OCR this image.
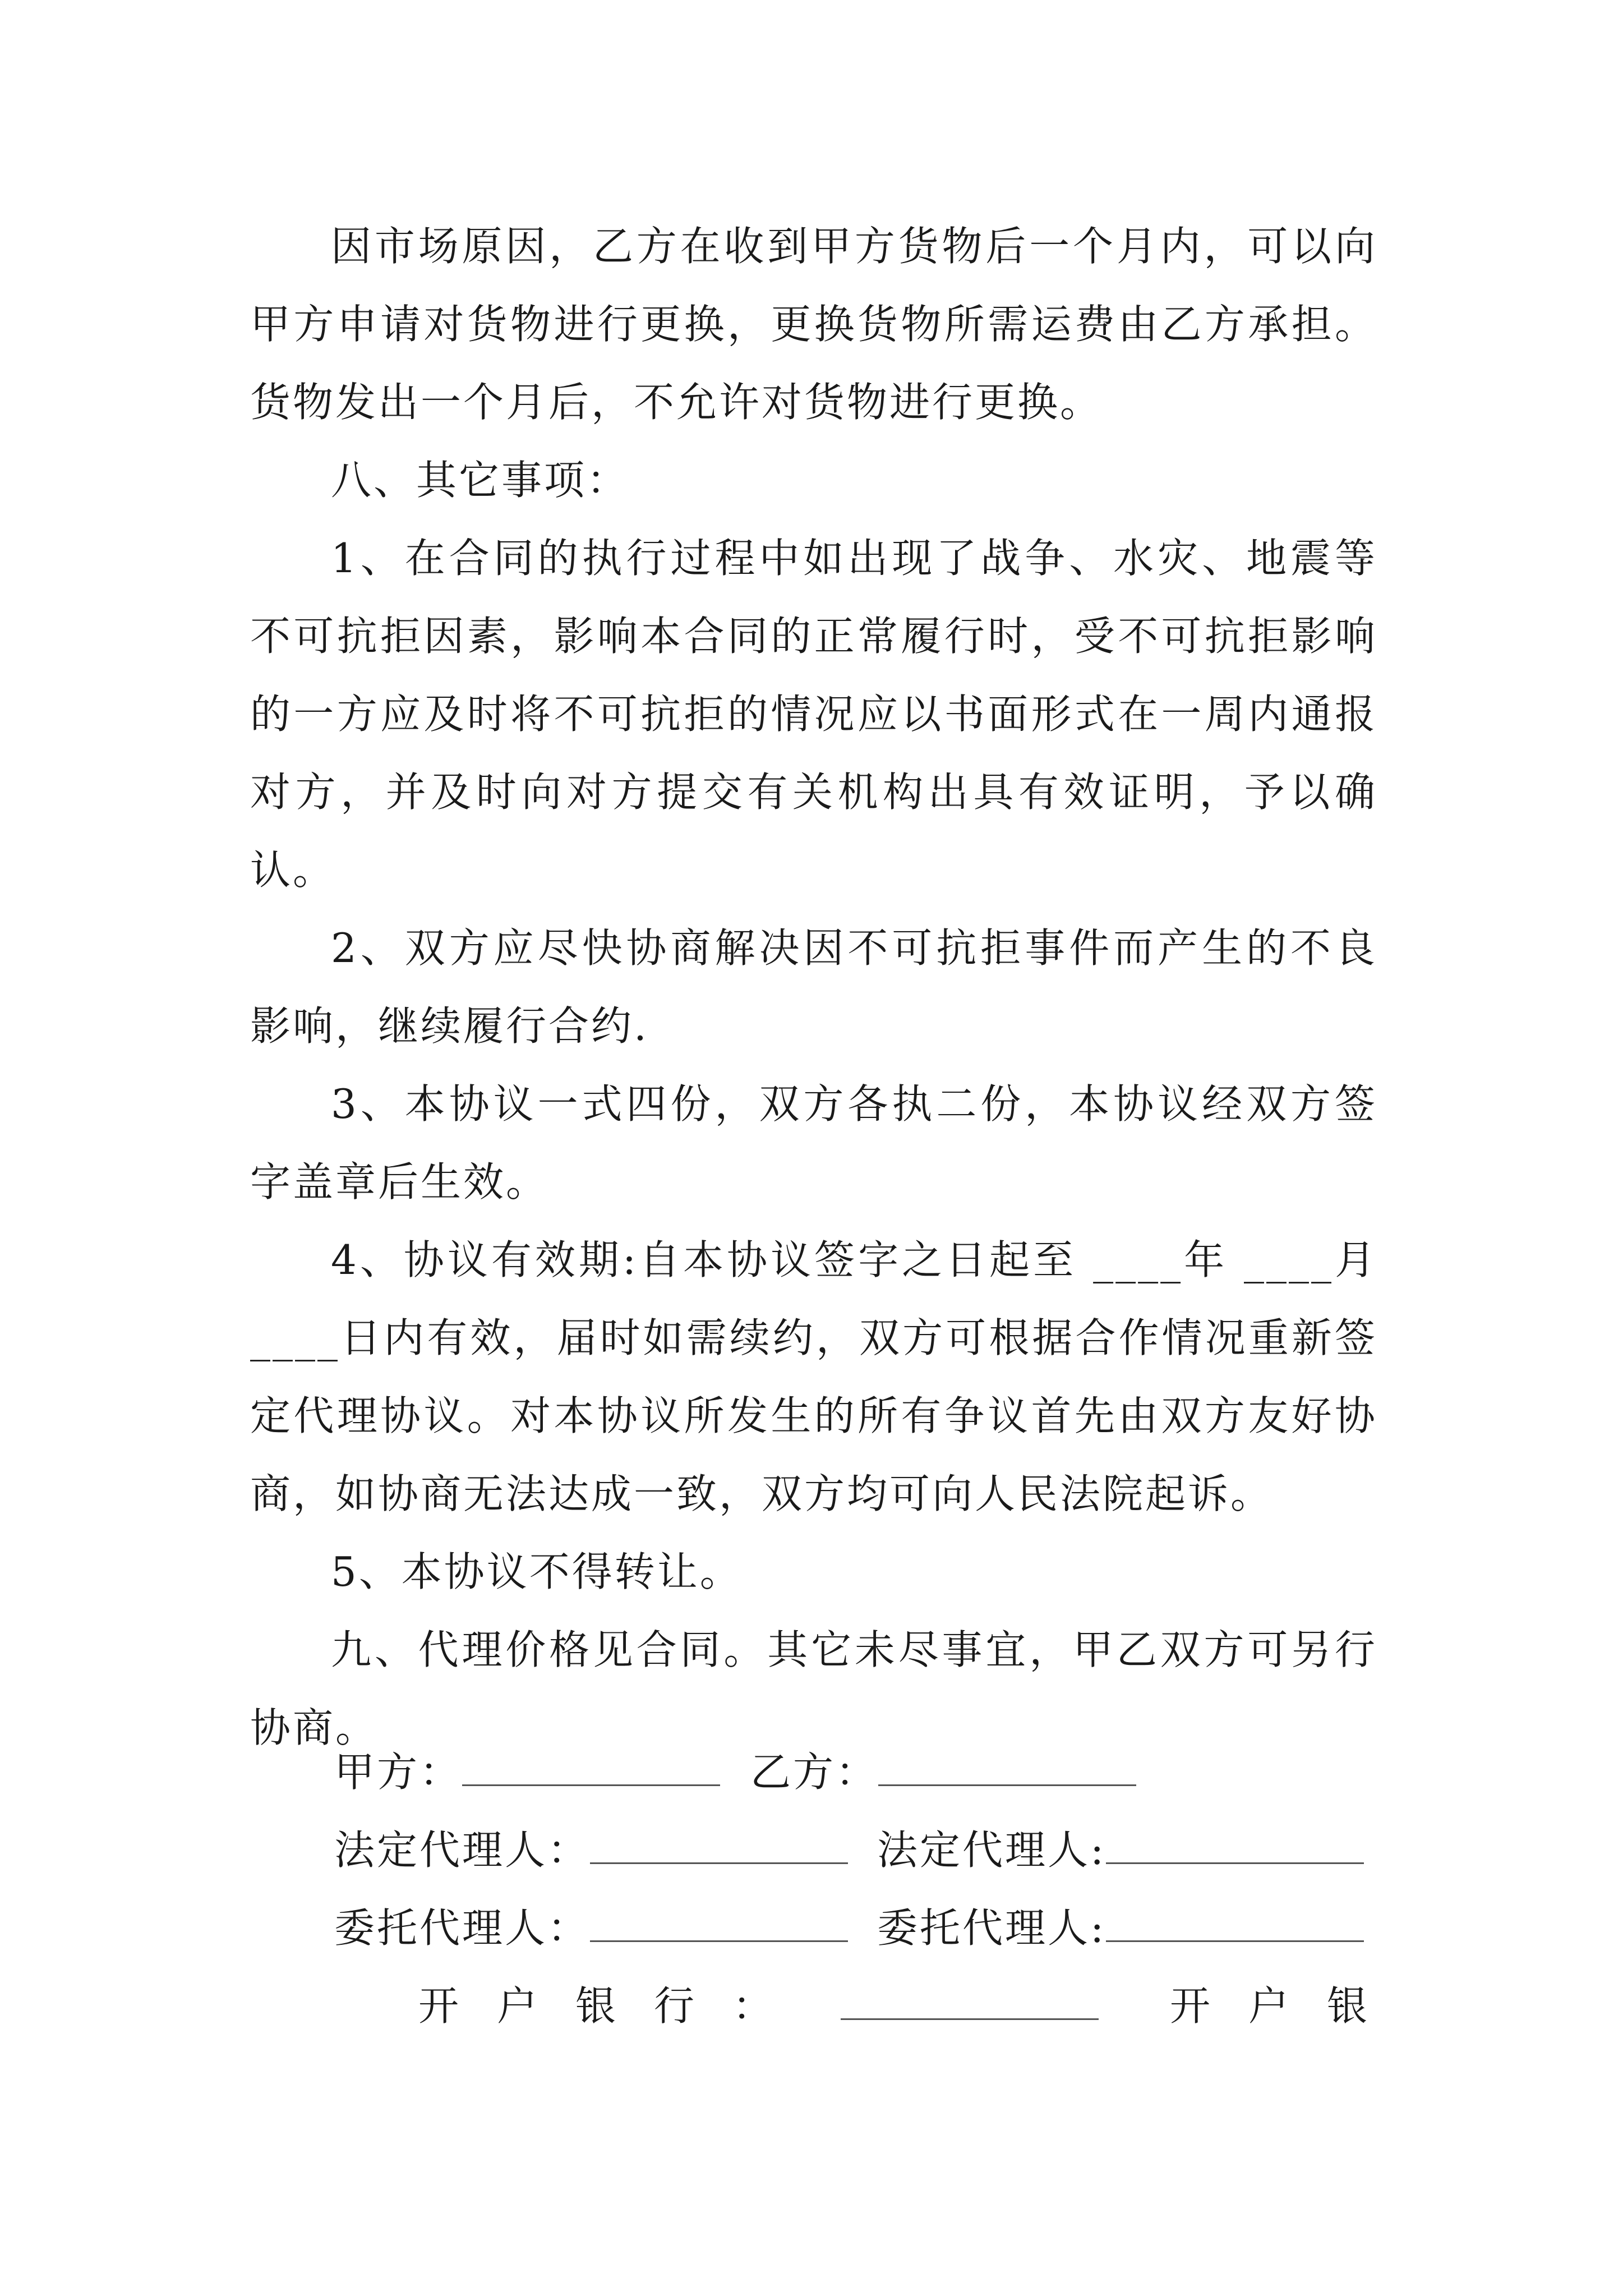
因市场原因，乙方在收到甲方货物后一个月内，可以向甲方申请对货物进行更换，更换货物所需运费由乙方承担。货物发出一个月后，不允许对货物进行更换。

八、其它事项：

1、在合同的执行过程中如出现了战争、水灾、地震等不可抗拒因素，影响本合同的正常履行时，受不可抗拒影响的一方应及时将不可抗拒的情况应以书面形式在一周内通报对方，并及时向对方提交有关机构出具有效证明，予以确认。

2、双方应尽快协商解决因不可抗拒事件而产生的不良影响，继续履行合约.

3、本协议一式四份，双方各执二份，本协议经双方签字盖章后生效。

4、协议有效期:自本协议签字之日起至 ____年 ____月____日内有效，届时如需续约，双方可根据合作情况重新签定代理协议。对本协议所发生的所有争议首先由双方友好协商，如协商无法达成一致，双方均可向人民法院起诉。

5、本协议不得转让。

九、代理价格见合同。其它未尽事宜，甲乙双方可另行协商。

甲方：	乙方：
法定代理人：	法定代理人:
委托代理人：	委托代理人:
开户银行：	开户银
